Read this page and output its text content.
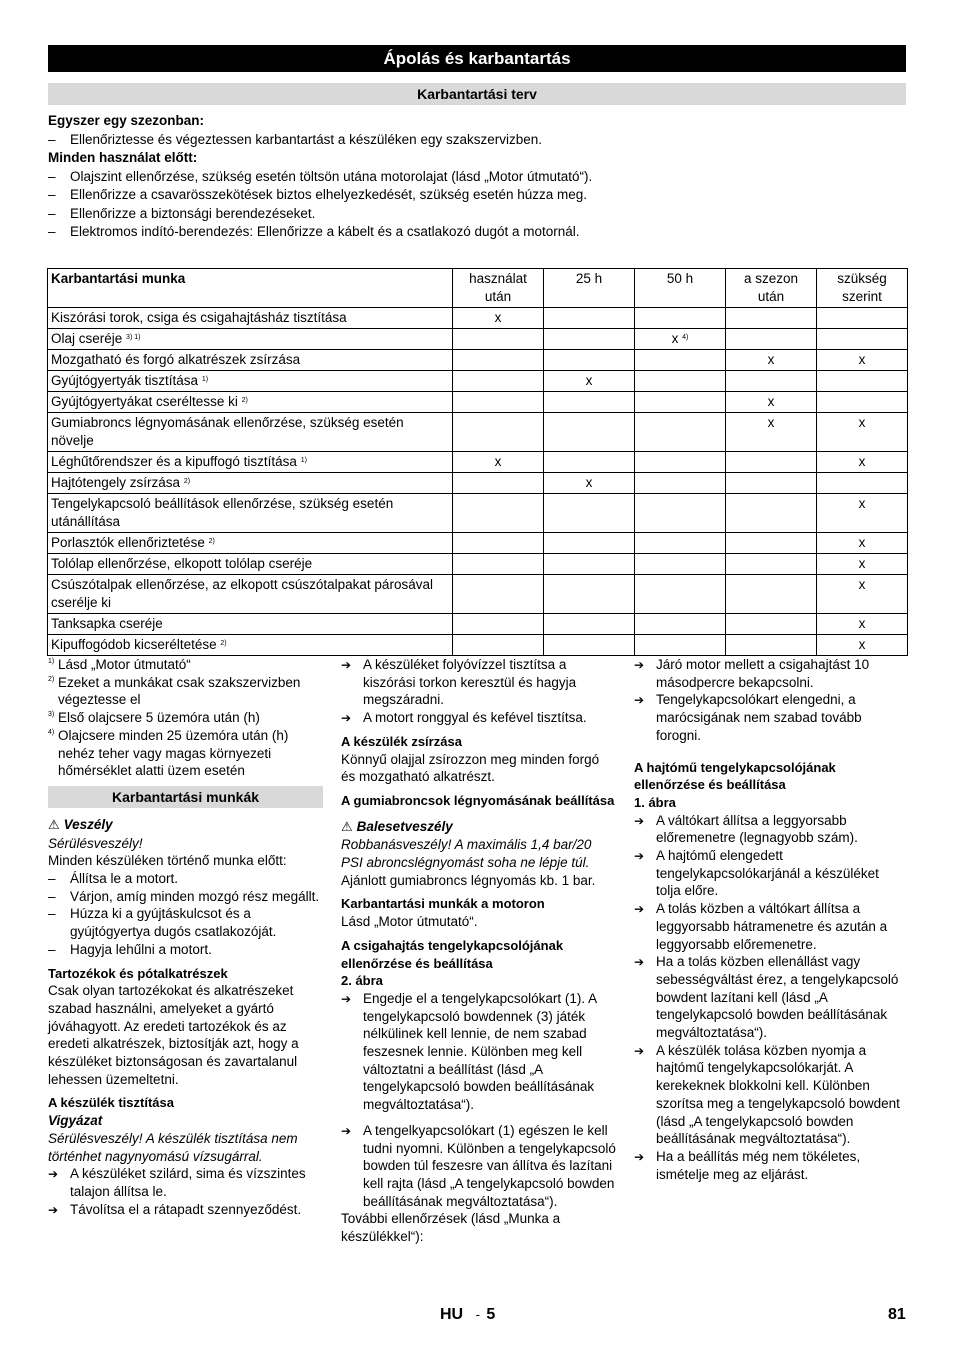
Ápolás és karbantartás
Karbantartási terv
Egyszer egy szezonban:
– Ellenőriztesse és végeztessen karbantartást a készüléken egy szakszervizben.
Minden használat előtt:
– Olajszint ellenőrzése, szükség esetén töltsön utána motorolajat (lásd „Motor útmutató“).
– Ellenőrizze a csavarösszekötések biztos elhelyezkedését, szükség esetén húzza meg.
– Ellenőrizze a biztonsági berendezéseket.
– Elektromos indító-berendezés: Ellenőrizze a kábelt és a csatlakozó dugót a motornál.
Karbantartási munka	használat után	25 h	50 h	a szezon után	szükség szerint
Kiszórási torok, csiga és csigahajtásház tisztítása	x				
Olaj cseréje $^{3) 1)}$			x $^{4)}$		
Mozgatható és forgó alkatrészek zsírzása				x	x
Gyújtógyertyák tisztítása $^{1)}$		x			
Gyújtógyertyákat cseréltesse ki $^{2)}$				x	
Gumiabroncs légnyomásának ellenőrzése, szükség esetén növelje				x	x
Léghűtőrendszer és a kipuffogó tisztítása $^{1)}$	x				x
Hajtótengely zsírzása $^{2)}$		x			
Tengelykapcsoló beállítások ellenőrzése, szükség esetén utánállítása					x
Porlasztók ellenőriztetése $^{2)}$					x
Tolólap ellenőrzése, elkopott tolólap cseréje					x
Csúszótalpak ellenőrzése, az elkopott csúszótalpakat párosával cserélje ki					x
Tanksapka cseréje					x
Kipuffogódob kicseréltetése $^{2)}$					x

1) Lásd „Motor útmutató“

2) Ezeket a munkákat csak szakszervizben végeztesse el

3) Első olajcsere 5 üzemóra után (h)

4) Olajcsere minden 25 üzemóra után (h) nehéz teher vagy magas környezeti hőmérséklet alatti üzem esetén

Karbantartási munkák

⚠ Veszély

Sérülésveszély!

Minden készüléken történő munka előtt:

– Állítsa le a motort.

– Várjon, amíg minden mozgó rész megállt.

– Húzza ki a gyújtáskulcsot és a gyújtógyertya dugós csatlakozóját.

– Hagyja lehűlni a motort.

Tartozékok és pótalkatrészek

Csak olyan tartozékokat és alkatrészeket szabad használni, amelyeket a gyártó jóváhagyott. Az eredeti tartozékok és az eredeti alkatrészek, biztosítják azt, hogy a készüléket biztonságosan és zavartalanul lehessen üzemeltetni.

A készülék tisztítása

Vigyázat

Sérülésveszély! A készülék tisztítása nem történhet nagynyomású vízsugárral.

➔ A készüléket szilárd, sima és vízszintes talajon állítsa le.

➔ Távolítsa el a rátapadt szennyeződést.

➔ A készüléket folyóvízzel tisztítsa a kiszórási torkon keresztül és hagyja megszáradni.

➔ A motort ronggyal és kefével tisztítsa.

A készülék zsírzása

Könnyű olajjal zsírozzon meg minden forgó és mozgatható alkatrészt.

A gumiabroncsok légnyomásának beállítása

⚠ Balesetveszély

Robbanásveszély! A maximális 1,4 bar/20 PSI abroncslégnyomást soha ne lépje túl.

Ajánlott gumiabroncs légnyomás kb. 1 bar.

Karbantartási munkák a motoron

Lásd „Motor útmutató“.

A csigahajtás tengelykapcsolójának ellenőrzése és beállítása

2. ábra

➔ Engedje el a tengelykapcsolókart (1). A tengelykapcsoló bowdennek (3) játék nélkülinek kell lennie, de nem szabad feszesnek lennie. Különben meg kell változtatni a beállítást (lásd „A tengelykapcsoló bowden beállításának megváltoztatása“).

➔ A tengelkyapcsolókart (1) egészen le kell tudni nyomni. Különben a tengelykapcsoló bowden túl feszesre van állítva és lazítani kell rajta (lásd „A tengelykapcsoló bowden beállításának megváltoztatása“).

További ellenőrzések (lásd „Munka a készülékkel“):

➔ Járó motor mellett a csigahajtást 10 másodpercre bekapcsolni.

➔ Tengelykapcsolókart elengedni, a marócsigának nem szabad tovább forogni.

A hajtómű tengelykapcsolójának ellenőrzése és beállítása

1. ábra

➔ A váltókart állítsa a leggyorsabb előremenetre (legnagyobb szám).

➔ A hajtómű elengedett tengelykapcsolókarjánál a készüléket tolja előre.

➔ A tolás közben a váltókart állítsa a leggyorsabb hátramenetre és azután a leggyorsabb előremenetre.

➔ Ha a tolás közben ellenállást vagy sebességváltást érez, a tengelykapcsoló bowdent lazítani kell (lásd „A tengelykapcsoló bowden beállításának megváltoztatása“).

➔ A készülék tolása közben nyomja a hajtómű tengelykapcsolókarját. A kerekeknek blokkolni kell. Különben szorítsa meg a tengelykapcsoló bowdent (lásd „A tengelykapcsoló bowden beállításának megváltoztatása“).

➔ Ha a beállítás még nem tökéletes, ismételje meg az eljárást.

HU - 5	81
